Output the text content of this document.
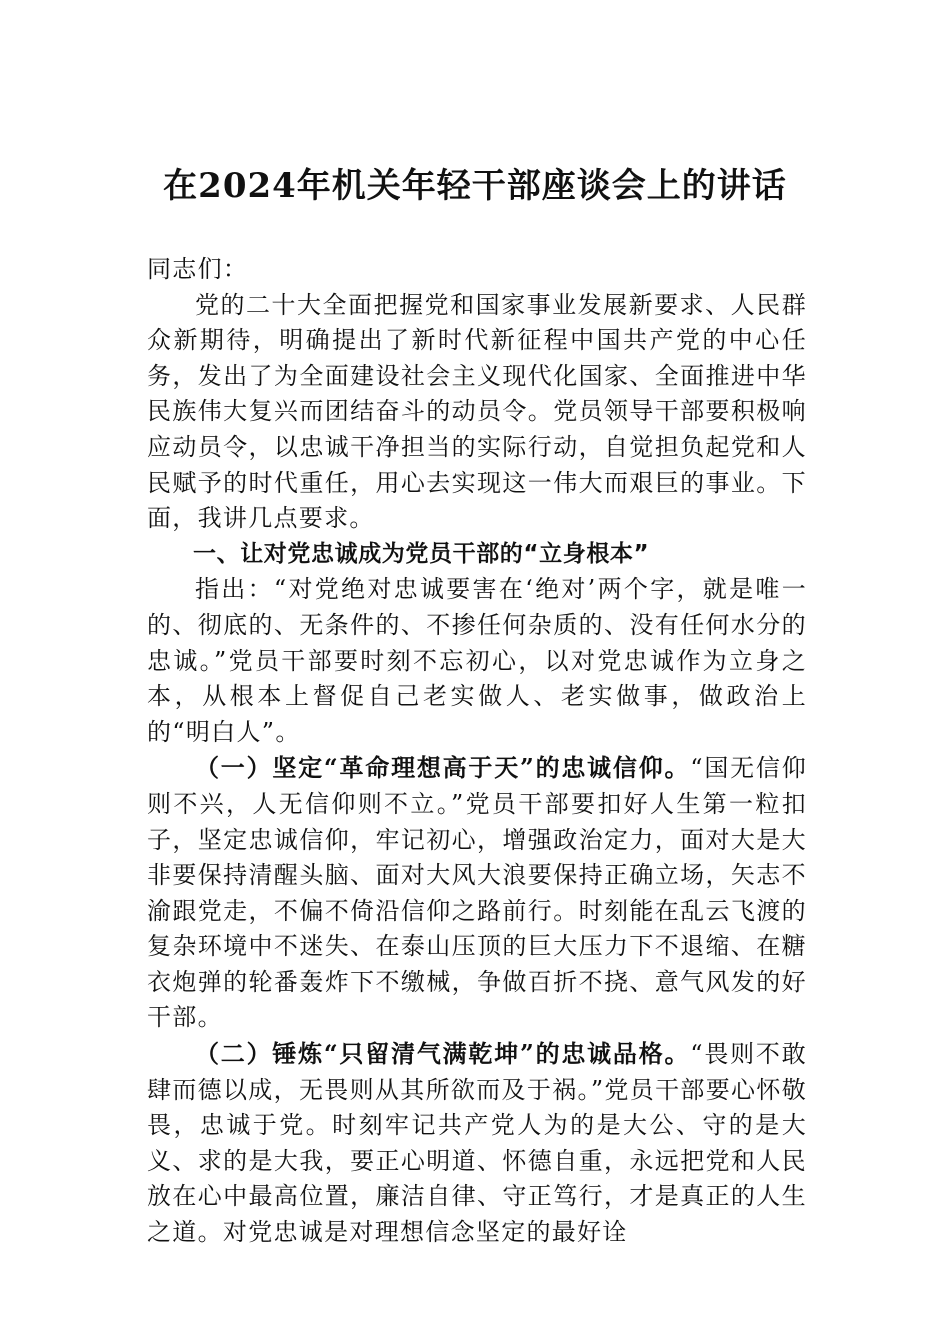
在2024年机关年轻干部座谈会上的讲话

同志们：

党的二十大全面把握党和国家事业发展新要求、人民群众新期待，明确提出了新时代新征程中国共产党的中心任务，发出了为全面建设社会主义现代化国家、全面推进中华民族伟大复兴而团结奋斗的动员令。党员领导干部要积极响应动员令，以忠诚干净担当的实际行动，自觉担负起党和人民赋予的时代重任，用心去实现这一伟大而艰巨的事业。下面，我讲几点要求。

一、让对党忠诚成为党员干部的“立身根本”

指出：“对党绝对忠诚要害在‘绝对’两个字，就是唯一的、彻底的、无条件的、不掺任何杂质的、没有任何水分的忠诚。”党员干部要时刻不忘初心，以对党忠诚作为立身之本，从根本上督促自己老实做人、老实做事，做政治上的“明白人”。

（一）坚定“革命理想高于天”的忠诚信仰。“国无信仰则不兴，人无信仰则不立。”党员干部要扣好人生第一粒扣子，坚定忠诚信仰，牢记初心，增强政治定力，面对大是大非要保持清醒头脑、面对大风大浪要保持正确立场，矢志不渝跟党走，不偏不倚沿信仰之路前行。时刻能在乱云飞渡的复杂环境中不迷失、在泰山压顶的巨大压力下不退缩、在糖衣炮弹的轮番轰炸下不缴械，争做百折不挠、意气风发的好干部。

（二）锤炼“只留清气满乾坤”的忠诚品格。“畏则不敢肆而德以成，无畏则从其所欲而及于祸。”党员干部要心怀敬畏，忠诚于党。时刻牢记共产党人为的是大公、守的是大义、求的是大我，要正心明道、怀德自重，永远把党和人民放在心中最高位置，廉洁自律、守正笃行，才是真正的人生之道。对党忠诚是对理想信念坚定的最好诠
